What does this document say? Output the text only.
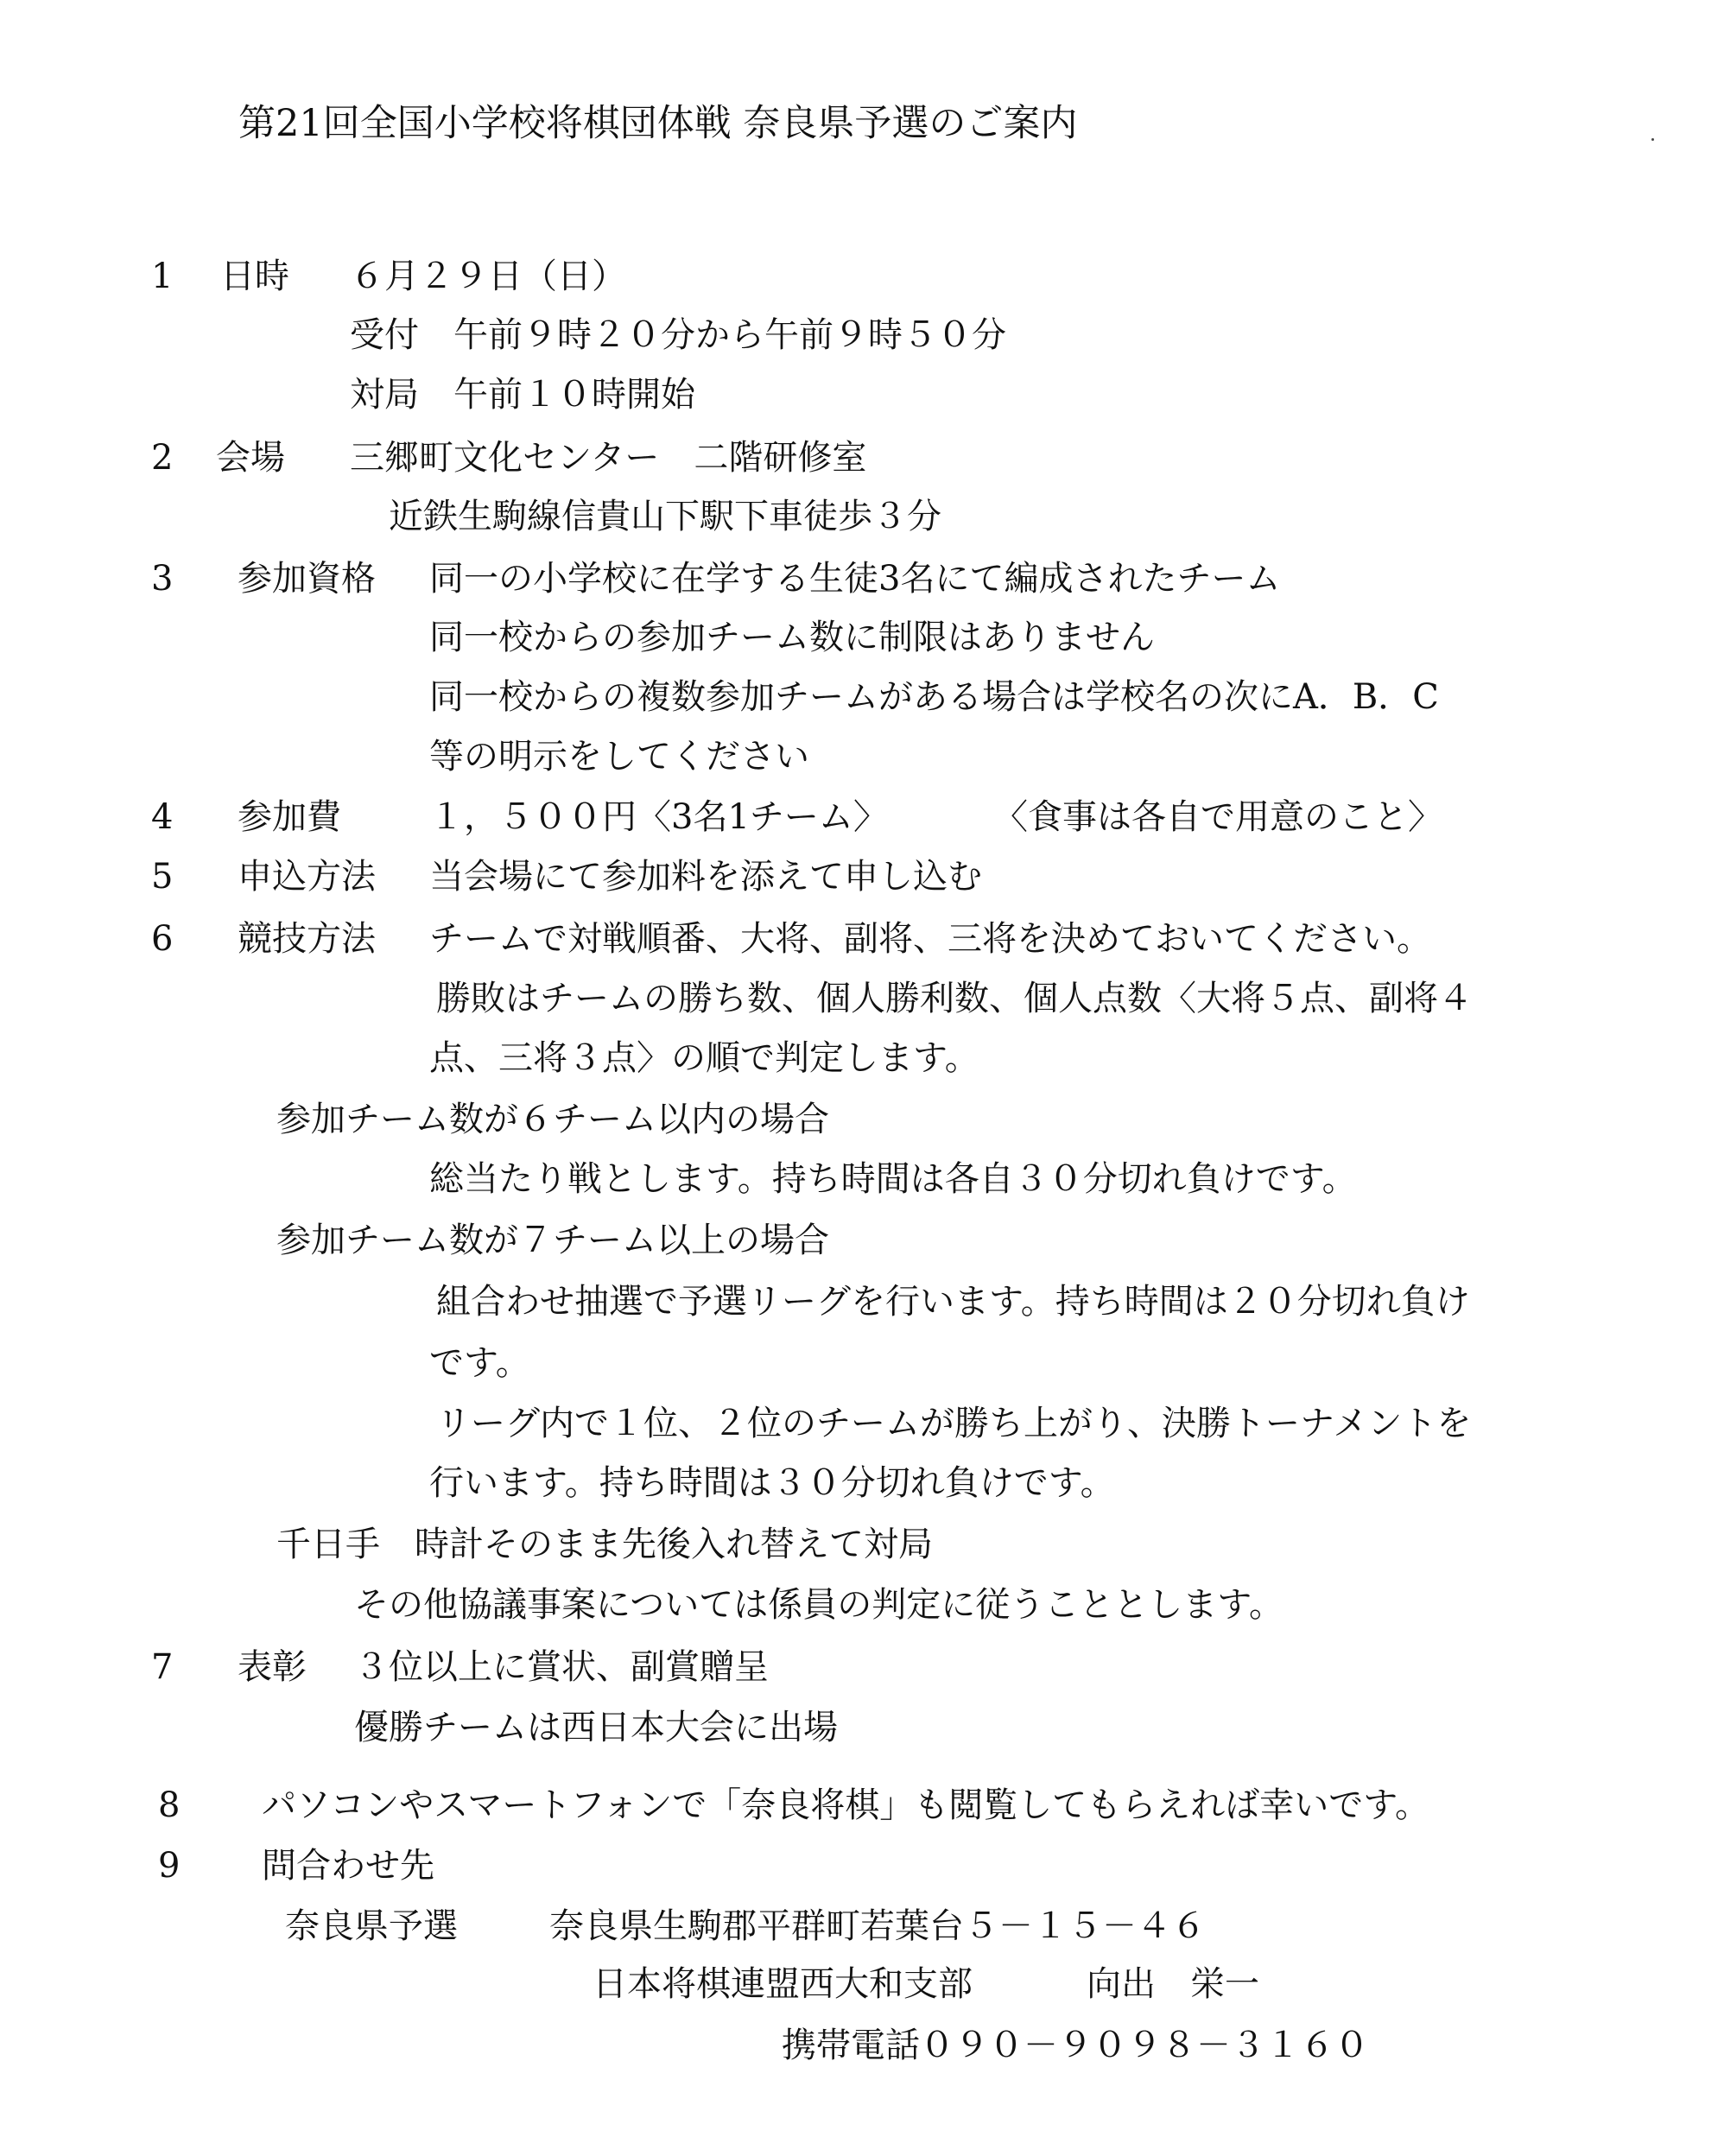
第21回全国小学校将棋団体戦 奈良県予選のご案内
1 日時 ６月２９日（日）
受付　午前９時２０分から午前９時５０分
対局　午前１０時開始
2 会場 三郷町文化センター　二階研修室
近鉄生駒線信貴山下駅下車徒歩３分
3 参加資格 同一の小学校に在学する生徒3名にて編成されたチーム
同一校からの参加チーム数に制限はありません
同一校からの複数参加チームがある場合は学校名の次にA．B．C
等の明示をしてください
4 参加費	１，５００円〈3名1チーム〉	〈食事は各自で用意のこと〉
5 申込方法 当会場にて参加料を添えて申し込む
6 競技方法 チームで対戦順番、大将、副将、三将を決めておいてください。
勝敗はチームの勝ち数、個人勝利数、個人点数〈大将５点、副将４
点、三将３点〉の順で判定します。
参加チーム数が６チーム以内の場合
総当たり戦とします。持ち時間は各自３０分切れ負けです。
参加チーム数が７チーム以上の場合
組合わせ抽選で予選リーグを行います。持ち時間は２０分切れ負け
です。
リーグ内で１位、２位のチームが勝ち上がり、決勝トーナメントを
行います。持ち時間は３０分切れ負けです。
千日手　時計そのまま先後入れ替えて対局
その他協議事案については係員の判定に従うこととします。
7 表彰 ３位以上に賞状、副賞贈呈
優勝チームは西日本大会に出場
8 パソコンやスマートフォンで「奈良将棋」も閲覧してもらえれば幸いです。
9 問合わせ先
奈良県予選	奈良県生駒郡平群町若葉台５－１５－４６
日本将棋連盟西大和支部	向出　栄一
携帯電話０９０－９０９８－３１６０
